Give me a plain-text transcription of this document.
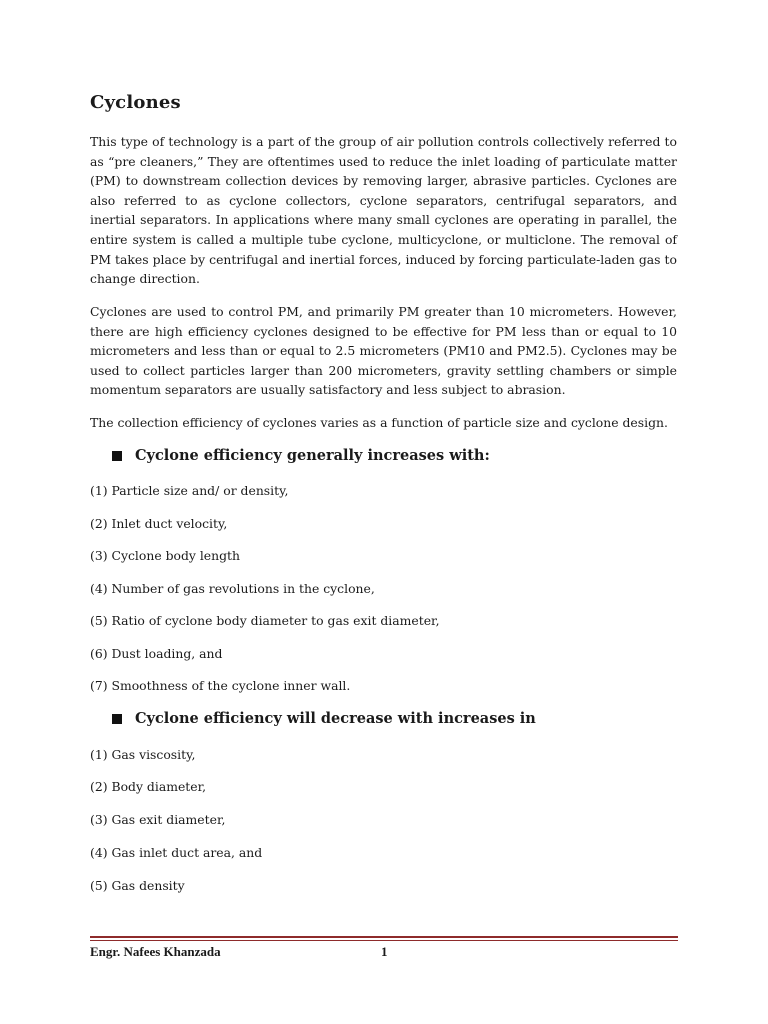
Cyclones

This type of technology is a part of the group of air pollution controls collectively referred to as “pre cleaners,” They are oftentimes used to reduce the inlet loading of particulate matter (PM) to downstream collection devices by removing larger, abrasive particles. Cyclones are also referred to as cyclone collectors, cyclone separators, centrifugal separators, and inertial separators. In applications where many small cyclones are operating in parallel, the entire system is called a multiple tube cyclone, multicyclone, or multiclone. The removal of PM takes place by centrifugal and inertial forces, induced by forcing particulate-laden gas to change direction.

Cyclones are used to control PM, and primarily PM greater than 10 micrometers. However, there are high efficiency cyclones designed to be effective for PM less than or equal to 10 micrometers and less than or equal to 2.5 micrometers (PM10 and PM2.5). Cyclones may be used to collect particles larger than 200 micrometers, gravity settling chambers or simple momentum separators are usually satisfactory and less subject to abrasion.

The collection efficiency of cyclones varies as a function of particle size and cyclone design.

Cyclone efficiency generally increases with:

(1) Particle size and/ or density,

(2) Inlet duct velocity,

(3) Cyclone body length

(4) Number of gas revolutions in the cyclone,

(5) Ratio of cyclone body diameter to gas exit diameter,

(6) Dust loading, and

(7) Smoothness of the cyclone inner wall.

Cyclone efficiency will decrease with increases in

(1) Gas viscosity,

(2) Body diameter,

(3) Gas exit diameter,

(4) Gas inlet duct area, and

(5) Gas density

Engr. Nafees Khanzada	1
